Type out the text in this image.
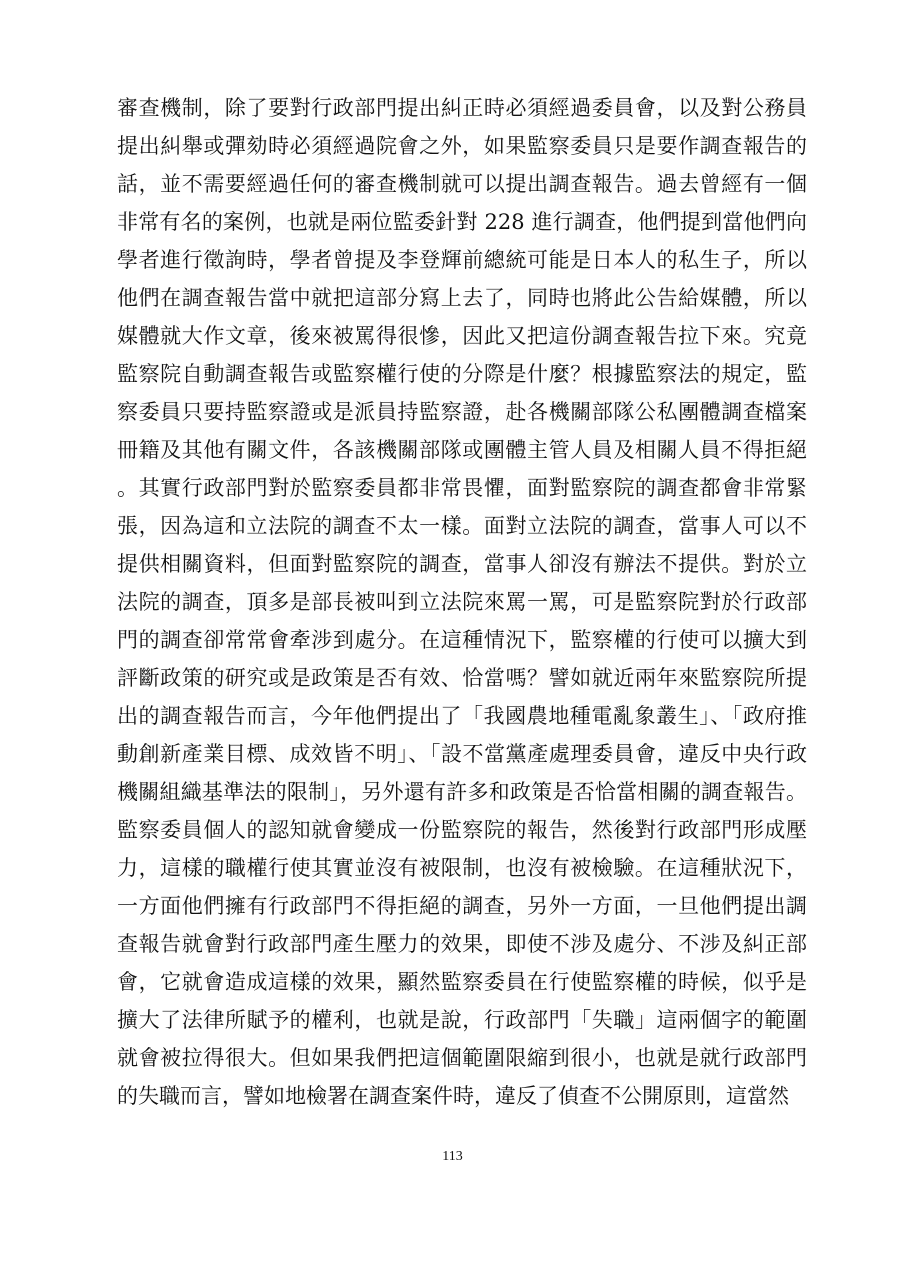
審查機制，除了要對行政部門提出糾正時必須經過委員會，以及對公務員
提出糾舉或彈劾時必須經過院會之外，如果監察委員只是要作調查報告的
話，並不需要經過任何的審查機制就可以提出調查報告。過去曾經有一個
非常有名的案例，也就是兩位監委針對 228 進行調查，他們提到當他們向
學者進行徵詢時，學者曾提及李登輝前總統可能是日本人的私生子，所以
他們在調查報告當中就把這部分寫上去了，同時也將此公告給媒體，所以
媒體就大作文章，後來被罵得很慘，因此又把這份調查報告拉下來。究竟
監察院自動調查報告或監察權行使的分際是什麼？根據監察法的規定，監
察委員只要持監察證或是派員持監察證，赴各機關部隊公私團體調查檔案
冊籍及其他有關文件，各該機關部隊或團體主管人員及相關人員不得拒絕
。其實行政部門對於監察委員都非常畏懼，面對監察院的調查都會非常緊
張，因為這和立法院的調查不太一樣。面對立法院的調查，當事人可以不
提供相關資料，但面對監察院的調查，當事人卻沒有辦法不提供。對於立
法院的調查，頂多是部長被叫到立法院來罵一罵，可是監察院對於行政部
門的調查卻常常會牽涉到處分。在這種情況下，監察權的行使可以擴大到
評斷政策的研究或是政策是否有效、恰當嗎？譬如就近兩年來監察院所提
出的調查報告而言，今年他們提出了「我國農地種電亂象叢生」、「政府推
動創新產業目標、成效皆不明」、「設不當黨產處理委員會，違反中央行政
機關組織基準法的限制」，另外還有許多和政策是否恰當相關的調查報告。
監察委員個人的認知就會變成一份監察院的報告，然後對行政部門形成壓
力，這樣的職權行使其實並沒有被限制，也沒有被檢驗。在這種狀況下，
一方面他們擁有行政部門不得拒絕的調查，另外一方面，一旦他們提出調
查報告就會對行政部門產生壓力的效果，即使不涉及處分、不涉及糾正部
會，它就會造成這樣的效果，顯然監察委員在行使監察權的時候，似乎是
擴大了法律所賦予的權利，也就是說，行政部門「失職」這兩個字的範圍
就會被拉得很大。但如果我們把這個範圍限縮到很小，也就是就行政部門
的失職而言，譬如地檢署在調查案件時，違反了偵查不公開原則，這當然
113
